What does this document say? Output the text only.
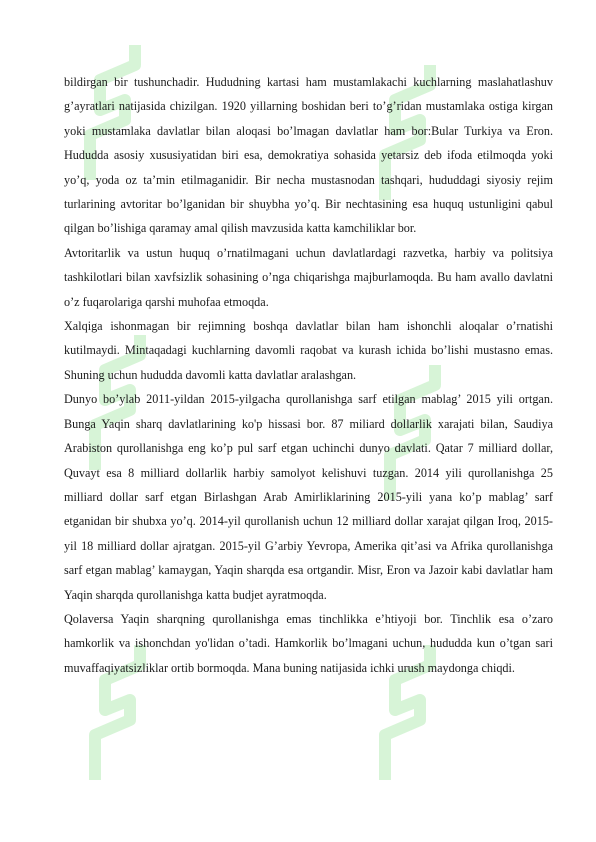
bildirgan bir tushunchadir. Hududning kartasi ham mustamlakachi kuchlarning maslahatlashuv g’ayratlari natijasida chizilgan. 1920 yillarning boshidan beri to’g’ridan mustamlaka ostiga kirgan yoki mustamlaka davlatlar bilan aloqasi bo’lmagan davlatlar ham bor:Bular Turkiya va Eron. Hududda asosiy xususiyatidan biri esa, demokratiya sohasida yetarsiz deb ifoda etilmoqda yoki yo’q, yoda oz ta’min etilmaganidir. Bir necha mustasnodan tashqari, hududdagi siyosiy rejim turlarining avtoritar bo’lganidan bir shuybha yo’q. Bir nechtasining esa huquq ustunligini qabul qilgan bo’lishiga qaramay amal qilish mavzusida katta kamchiliklar bor.

Avtoritarlik va ustun huquq o’rnatilmagani uchun davlatlardagi razvetka, harbiy va politsiya tashkilotlari bilan xavfsizlik sohasining o’nga chiqarishga majburlamoqda. Bu ham avallo davlatni o’z fuqarolariga qarshi muhofaa etmoqda.

Xalqiga ishonmagan bir rejimning boshqa davlatlar bilan ham ishonchli aloqalar o’rnatishi kutilmaydi. Mintaqadagi kuchlarning davomli raqobat va kurash ichida bo’lishi mustasno emas. Shuning uchun hududda davomli katta davlatlar aralashgan.

Dunyo bo’ylab 2011-yildan 2015-yilgacha qurollanishga sarf etilgan mablag’ 2015 yili ortgan. Bunga Yaqin sharq davlatlarining ko'p hissasi bor. 87 miliard dollarlik xarajati bilan, Saudiya Arabiston qurollanishga eng ko’p pul sarf etgan uchinchi dunyo davlati. Qatar 7 milliard dollar, Quvayt esa 8 milliard dollarlik harbiy samolyot kelishuvi tuzgan. 2014 yili qurollanishga 25 milliard dollar sarf etgan Birlashgan Arab Amirliklarining 2015-yili yana ko’p mablag’ sarf etganidan bir shubxa yo’q. 2014-yil qurollanish uchun 12 milliard dollar xarajat qilgan Iroq, 2015-yil 18 milliard dollar ajratgan. 2015-yil G’arbiy Yevropa, Amerika qit’asi va Afrika qurollanishga sarf etgan mablag’ kamaygan, Yaqin sharqda esa ortgandir. Misr, Eron va Jazoir kabi davlatlar ham Yaqin sharqda qurollanishga katta budjet ayratmoqda.

Qolaversa Yaqin sharqning qurollanishga emas tinchlikka e’htiyoji bor. Tinchlik esa o’zaro hamkorlik va ishonchdan yo'lidan o’tadi. Hamkorlik bo’lmagani uchun, hududda kun o’tgan sari muvaffaqiyatsizliklar ortib bormoqda. Mana buning natijasida ichki urush maydonga chiqdi.
